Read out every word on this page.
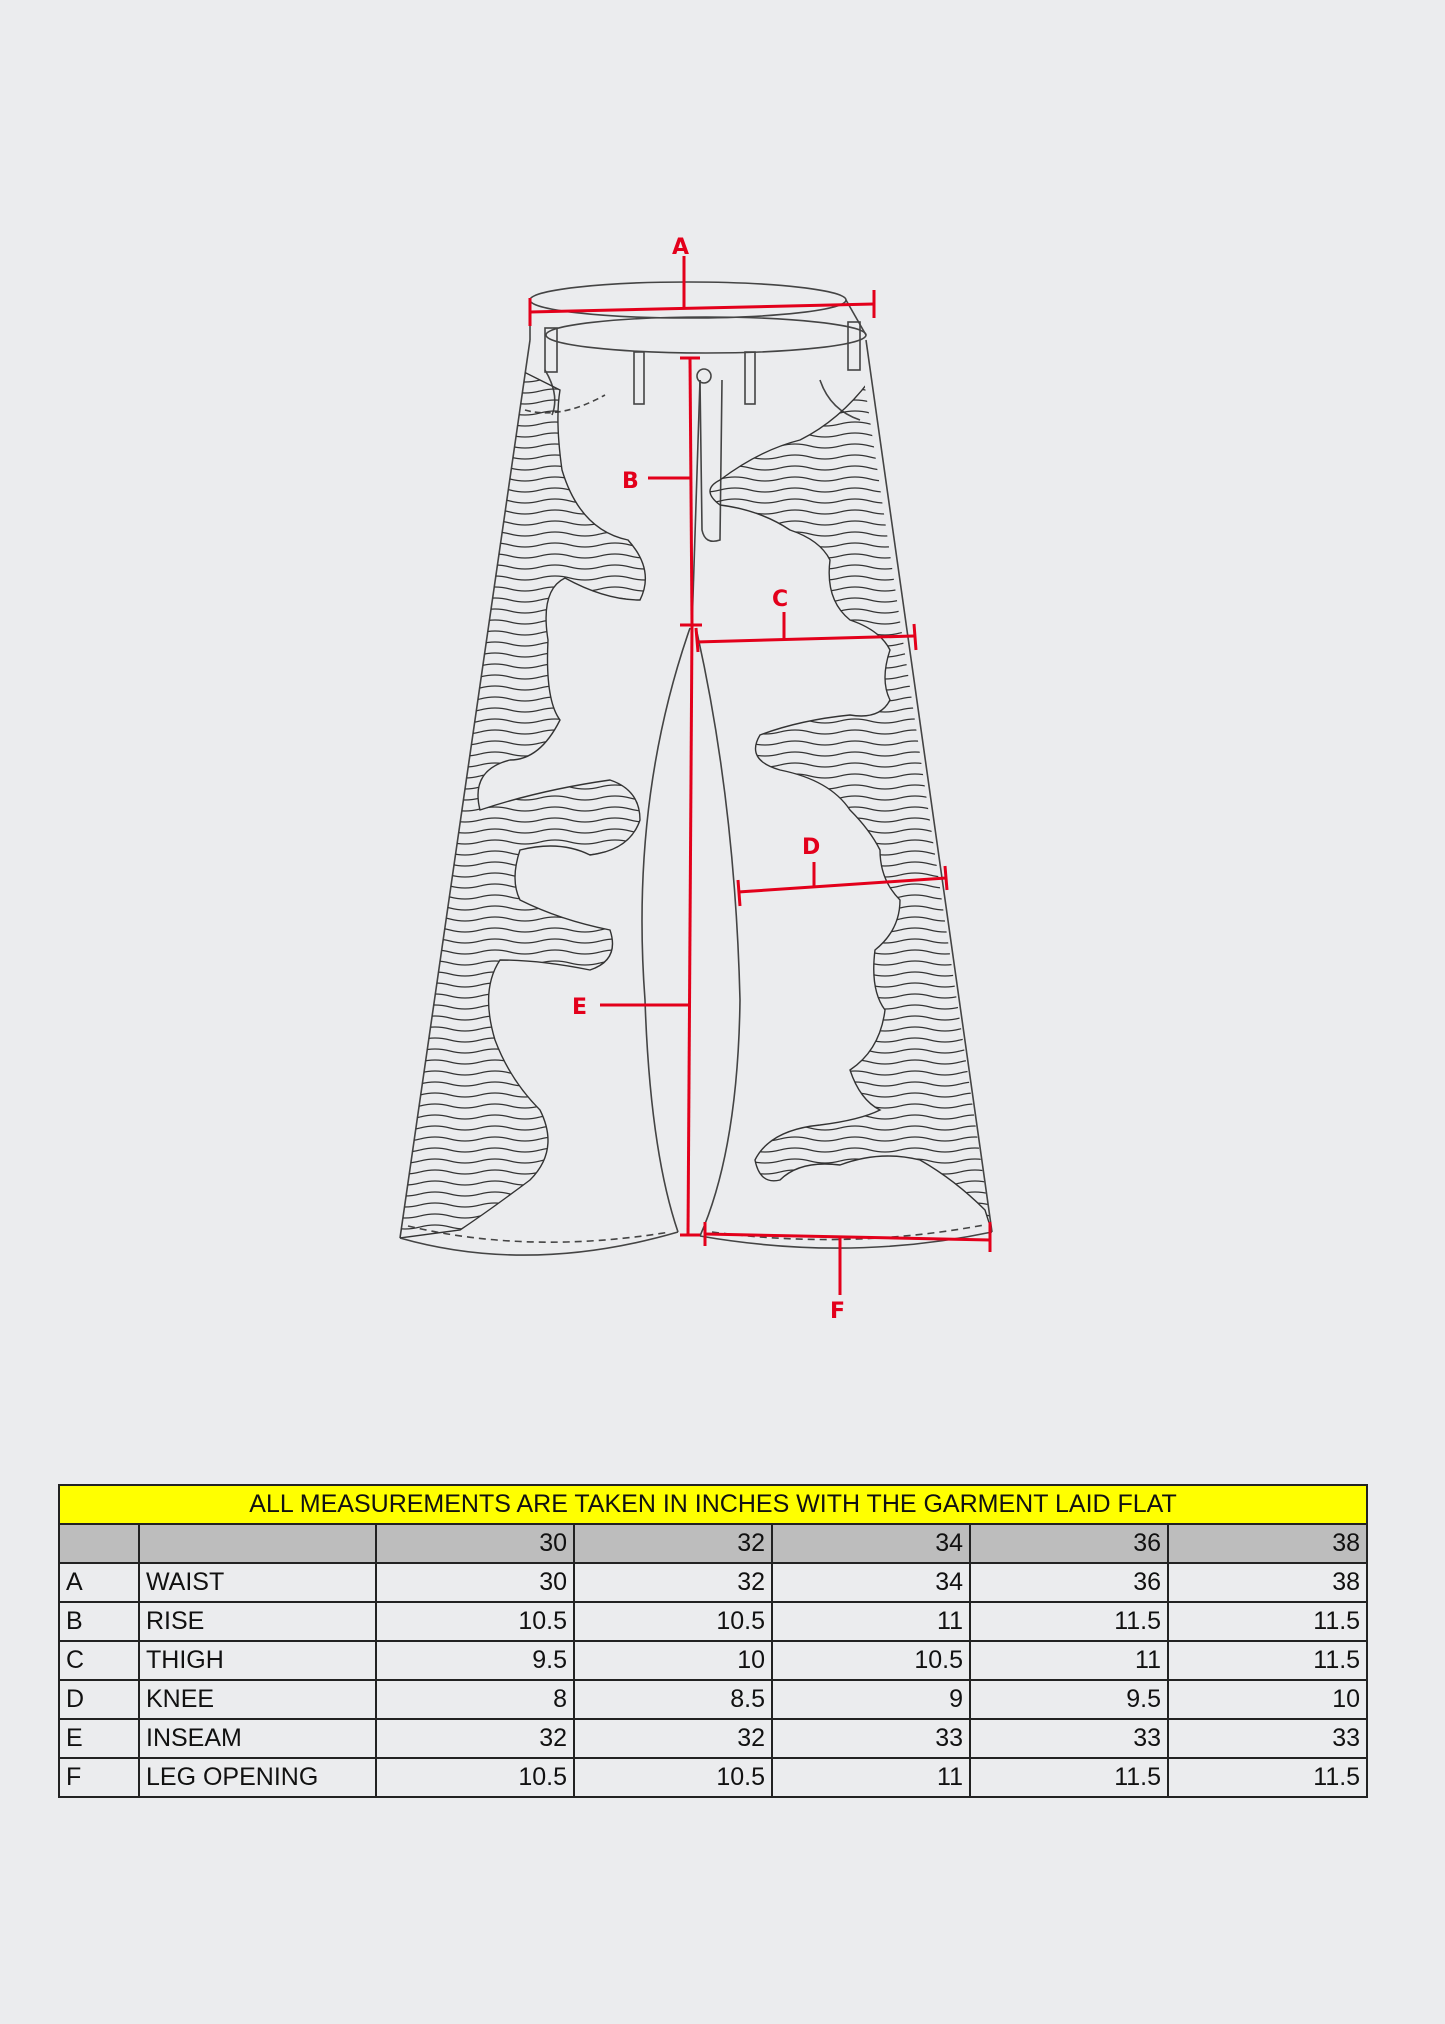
A
B
C
D
E
F
ALL MEASUREMENTS ARE TAKEN IN INCHES WITH THE GARMENT LAID FLAT						
		30	32	34	36	38
A	WAIST	30	32	34	36	38
B	RISE	10.5	10.5	11	11.5	11.5
C	THIGH	9.5	10	10.5	11	11.5
D	KNEE	8	8.5	9	9.5	10
E	INSEAM	32	32	33	33	33
F	LEG OPENING	10.5	10.5	11	11.5	11.5
